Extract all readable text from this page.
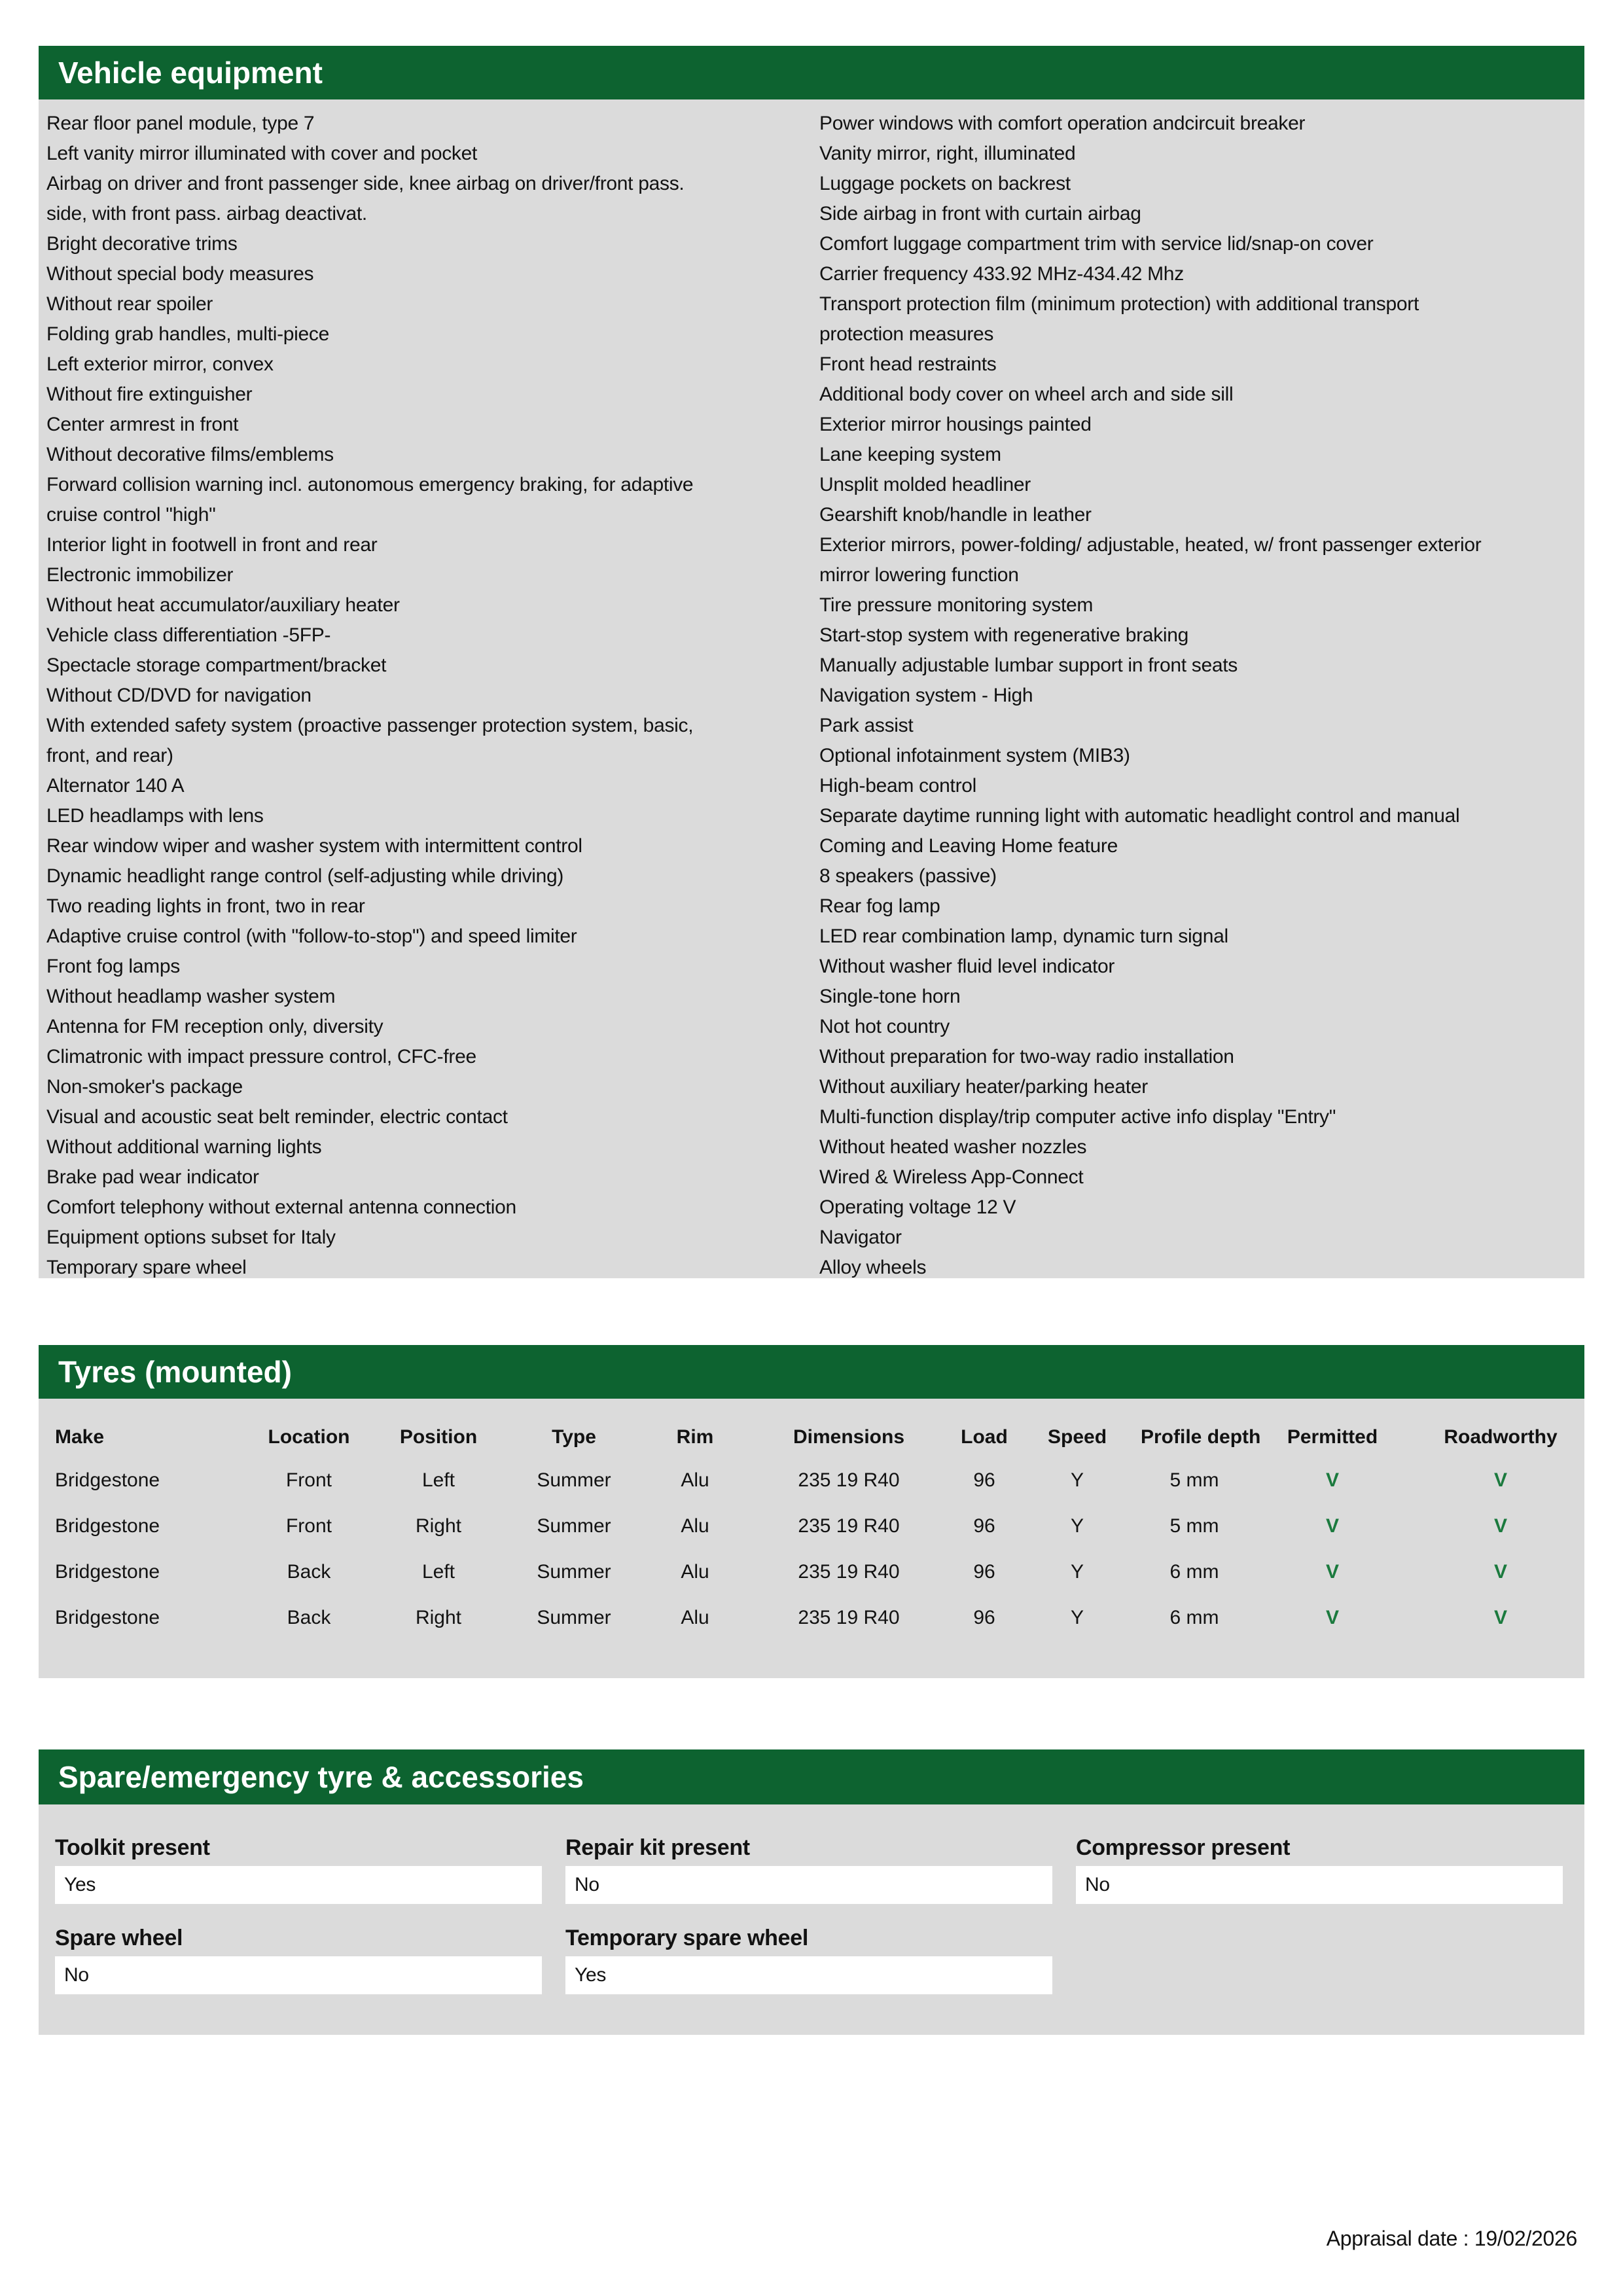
Vehicle equipment
Rear floor panel module, type 7
Left vanity mirror illuminated with cover and pocket
Airbag on driver and front passenger side, knee airbag on driver/front pass.
side, with front pass. airbag deactivat.
Bright decorative trims
Without special body measures
Without rear spoiler
Folding grab handles, multi-piece
Left exterior mirror, convex
Without fire extinguisher
Center armrest in front
Without decorative films/emblems
Forward collision warning incl. autonomous emergency braking, for adaptive
cruise control "high"
Interior light in footwell in front and rear
Electronic immobilizer
Without heat accumulator/auxiliary heater
Vehicle class differentiation -5FP-
Spectacle storage compartment/bracket
Without CD/DVD for navigation
With extended safety system (proactive passenger protection system, basic,
front, and rear)
Alternator 140 A
LED headlamps with lens
Rear window wiper and washer system with intermittent control
Dynamic headlight range control (self-adjusting while driving)
Two reading lights in front, two in rear
Adaptive cruise control (with "follow-to-stop") and speed limiter
Front fog lamps
Without headlamp washer system
Antenna for FM reception only, diversity
Climatronic with impact pressure control, CFC-free
Non-smoker's package
Visual and acoustic seat belt reminder, electric contact
Without additional warning lights
Brake pad wear indicator
Comfort telephony without external antenna connection
Equipment options subset for Italy
Temporary spare wheel
Power windows with comfort operation andcircuit breaker
Vanity mirror, right, illuminated
Luggage pockets on backrest
Side airbag in front with curtain airbag
Comfort luggage compartment trim with service lid/snap-on cover
Carrier frequency 433.92 MHz-434.42 Mhz
Transport protection film (minimum protection) with additional transport
protection measures
Front head restraints
Additional body cover on wheel arch and side sill
Exterior mirror housings painted
Lane keeping system
Unsplit molded headliner
Gearshift knob/handle in leather
Exterior mirrors, power-folding/ adjustable, heated, w/ front passenger exterior
mirror lowering function
Tire pressure monitoring system
Start-stop system with regenerative braking
Manually adjustable lumbar support in front seats
Navigation system - High
Park assist
Optional infotainment system (MIB3)
High-beam control
Separate daytime running light with automatic headlight control and manual
Coming and Leaving Home feature
8 speakers (passive)
Rear fog lamp
LED rear combination lamp, dynamic turn signal
Without washer fluid level indicator
Single-tone horn
Not hot country
Without preparation for two-way radio installation
Without auxiliary heater/parking heater
Multi-function display/trip computer active info display "Entry"
Without heated washer nozzles
Wired & Wireless App-Connect
Operating voltage 12 V
Navigator
Alloy wheels
Tyres (mounted)
Make	Location	Position	Type	Rim	Dimensions	Load	Speed	Profile depth	Permitted	Roadworthy
Bridgestone	Front	Left	Summer	Alu	235 19 R40	96	Y	5 mm	V	V
Bridgestone	Front	Right	Summer	Alu	235 19 R40	96	Y	5 mm	V	V
Bridgestone	Back	Left	Summer	Alu	235 19 R40	96	Y	6 mm	V	V
Bridgestone	Back	Right	Summer	Alu	235 19 R40	96	Y	6 mm	V	V
Spare/emergency tyre & accessories
Toolkit present
Yes
Repair kit present
No
Compressor present
No
Spare wheel
No
Temporary spare wheel
Yes
Appraisal date : 19/02/2026
